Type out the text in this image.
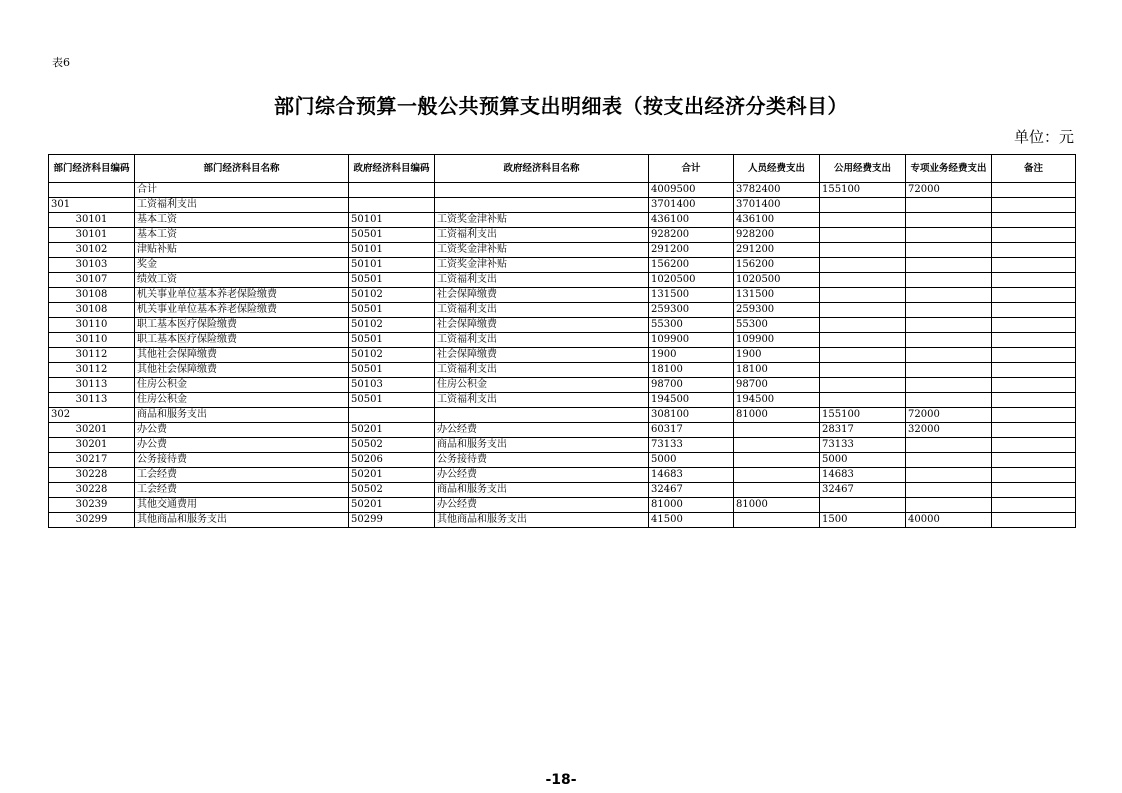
表6
部门综合预算一般公共预算支出明细表（按支出经济分类科目）
单位：元
部门经济科目编码	部门经济科目名称	政府经济科目编码	政府经济科目名称	合计	人员经费支出	公用经费支出	专项业务经费支出	备注
	合计			4009500	3782400	155100	72000	
301	工资福利支出			3701400	3701400			
30101	基本工资	50101	工资奖金津补贴	436100	436100			
30101	基本工资	50501	工资福利支出	928200	928200			
30102	津贴补贴	50101	工资奖金津补贴	291200	291200			
30103	奖金	50101	工资奖金津补贴	156200	156200			
30107	绩效工资	50501	工资福利支出	1020500	1020500			
30108	机关事业单位基本养老保险缴费	50102	社会保障缴费	131500	131500			
30108	机关事业单位基本养老保险缴费	50501	工资福利支出	259300	259300			
30110	职工基本医疗保险缴费	50102	社会保障缴费	55300	55300			
30110	职工基本医疗保险缴费	50501	工资福利支出	109900	109900			
30112	其他社会保障缴费	50102	社会保障缴费	1900	1900			
30112	其他社会保障缴费	50501	工资福利支出	18100	18100			
30113	住房公积金	50103	住房公积金	98700	98700			
30113	住房公积金	50501	工资福利支出	194500	194500			
302	商品和服务支出			308100	81000	155100	72000	
30201	办公费	50201	办公经费	60317		28317	32000	
30201	办公费	50502	商品和服务支出	73133		73133		
30217	公务接待费	50206	公务接待费	5000		5000		
30228	工会经费	50201	办公经费	14683		14683		
30228	工会经费	50502	商品和服务支出	32467		32467		
30239	其他交通费用	50201	办公经费	81000	81000			
30299	其他商品和服务支出	50299	其他商品和服务支出	41500		1500	40000	
-18-
